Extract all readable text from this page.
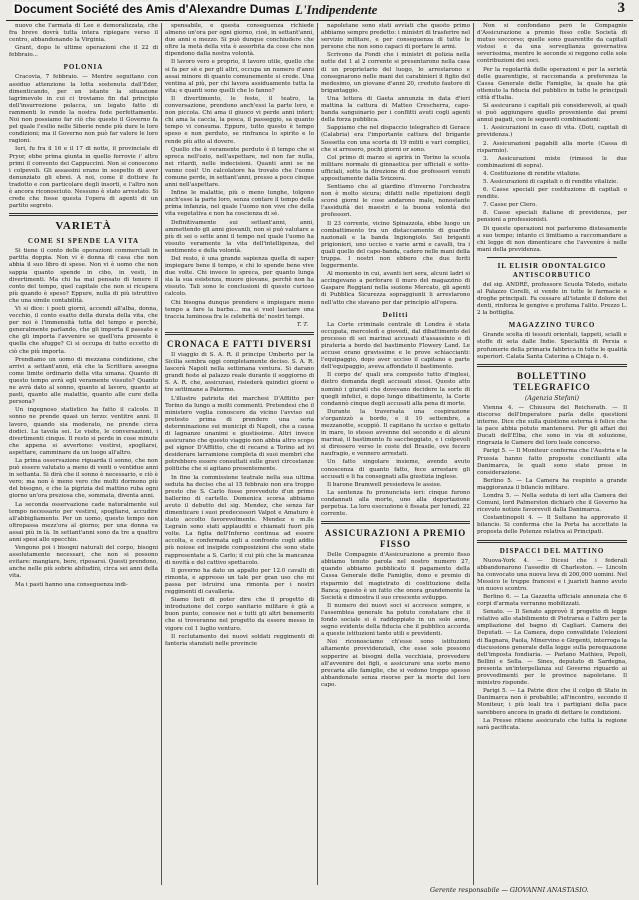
Document Société des Amis d'Alexandre Dumas L'Indipendente	3

nuovo che l'armata di Lee è demoralizzata, che fra breve dovrà tutta intera ripiegare verso il centro, abbandonando la Virginia.

Grant, dopo le ultime operazioni che il 22 di febbraio...

POLONIA

Cracovia, 7 febbraio. — Mentre seguitano con assiduo attenzione la lotta sostenuta dall'Eder, dimenticando, per un istante la situazione lagrimevole in cui ci troviamo fin dal principio dell'insurrezione polacca, un legato fatto di rammenti lo rende la nostra fede perfettamente. Noi non possiamo far ciò che questo il Governo fa pel quale l'esilio nelle Siberie rende più dure le loro condizioni; ma il Governo non può far valere le loro ragioni.

Ieri, fu fra il 16 e il 17 di notte, il provinciale di Pryor, ebbe prima giunta in quello ferrovie i' altro primi il convento dei Cappuccini. Non si conoscono i colpevoli. Gli assassini erano in sospetto di aver denunziato gli ebrei. A noi, come il dottore fu tradotto e con particolare degli insorti, e l'altro non è ancora riconosciuto. Nessuno è stato arrestato. Si crede che fosse questa l'opera di agenti di un partito segreto.

VARIETÀ
COME SI SPENDE LA VITA

Si tiene il conto delle operazioni commerciali in partita doppia. Non vi è donna di casa che non abbia il suo libro di spese. Non vi è uomo che non sappia quanto spende in cibo, in vesti, in divertimenti. Ma chi ha mai pensato di tenere il conto del tempo, quel capitale che non si ricupera più quando è speso? Eppure, nulla di più istruttivo che una simile contabilità.

Vi si dice: i poeti giorni, accendi all'alba, donna, vecchio, il conto esatto della durata della vita, che per noi è l'immensità tutta del tempo e perchè, generalmente parlando, che gli importa il passato e che gli importa l'avvenire se quell'ora presente è quella che sfugge? Ci si occupa di tutto eccetto di ciò che più importa.

Prendiamo un uomo di mezzana condizione, che arrivi a settant'anni, età che la Scrittura assegna come limite ordinario della vita umana. Quanto di questo tempo avrà egli veramente vissuto? Quanto ne avrà dato al sonno, quanto al lavoro, quanto ai pasti, quanto alle malattie, quanto alle cure della persona?

Un ingegnoso statistico ha fatto il calcolo. Il sonno ne prende quasi un terzo: ventitre anni. Il lavoro, quando sia moderato, ne prende circa dodici. La tavola sei. Le visite, le conversazioni, i divertimenti cinque. Il resto si perde in cose minute che appena si avvertono: vestirsi, spogliarsi, aspettare, camminare da un luogo all'altro.

La prima osservazione riguarda il sonno, che non può essere valutato a meno di venti o ventidue anni in settanta. Si dirà che il sonno è necessario, e ciò è vero; ma non è meno vero che molti dormono più del bisogno, e che la pigrizia del mattino ruba ogni giorno un'ora preziosa che, sommata, diventa anni.

La seconda osservazione cade naturalmente sul tempo necessario per vestirsi, spogliarsi, accudire all'abbigliamento. Per un uomo, questo tempo non oltrepassa mezz'ora al giorno; per una donna va assai più in là. In settant'anni sono da tre a quattro anni spesi allo specchio.

Vengono poi i bisogni naturali del corpo, bisogni assolutamente necessari, che non si possono evitare: mangiare, bere, riposarsi. Questi prendono, anche nelle più sobrie abitudini, circa sei anni della vita.

Ma i pasti hanno una conseguenza indi-

spensabile, e questa conseguenza richiede almeno un'ora per ogni giorno, cioè, in settant'anni, due anni e mezzo. Si può dunque conchiudere che oltre la metà della vita è assorbita da cose che non dipendono dalla nostra volontà.

Il lavoro vero e proprio, il lavoro utile, quello che si fa per sè e per gli altri, occupa un numero d'anni assai minore di quanto comunemente si crede. Una ventina al più, per chi lavora assiduamente tutta la vita; e quanti sono quelli che lo fanno?

Il divertimento, le feste, il teatro, la conversazione, prendono anch'essi la parte loro, e non piccola. Chi ama il giuoco vi perde anni interi; chi ama la caccia, la pesca, il passeggio, sa quanto tempo vi consuma. Eppure, tutto questo è tempo speso e non perduto, se rinfranca lo spirito e lo rende più atto al dovere.

Quello che è veramente perduto è il tempo che si spreca nell'ozio, nell'aspettare, nel non far nulla, nei ritardi, nelle indecisioni. Quanti anni se ne vanno così! Un calcolatore ha trovato che l'uomo comune perde, in settant'anni, presso a poco cinque anni nell'aspettare.

Infine le malattie, più o meno lunghe, tolgono anch'esse la parte loro, senza contare il tempo della prima infanzia, nel quale l'uomo non vive che della vita vegetativa e non ha coscienza di sè.

Definitivamente sui settant'anni, anni, ammettendo gli anni giovanili, non si può valutare a più di sei o sette anni il tempo nel quale l'uomo ha vissuto veramente la vita dell'intelligenza, del sentimento e della volontà.

Del resto, è una grande sapienza quella di saper impiegare bene il tempo, e chi lo spende bene vive due volte. Chi invece lo spreca, per quanto lunga sia la sua esistenza, muore giovane, perchè non ha vissuto. Tali sono le conclusioni di questo curioso calcolo.

Chi bisogna dunque prendere e impiegare meno tempo a fare la barba... ma si vuol lasciare una traccia luminosa fra le celebrità de' nostri tempi.

T. T.
CRONACA E FATTI DIVERSI

Il viaggio di S. A. R. il principe Umberto per la Sicilia sembra oggi completamente deciso. S. A. R. lascerà Napoli nella settimana ventura. Si darano grandi feste al palazzo reale durante il soggiorno di S. A. R. che, assicurasi, risiederà quindici giorni o tre settimane a Palermo.

L'illustre patriota dei marchesi D'Afflitto per Torino da lungo a molti commenti. Pretendesi che il ministero voglia conoscere da vicino l'avviso sul pretesto prima di prendere una seria determinazione sui municipi di Napoli, che a causa di lagnanze unanimi e giustissime. Altri invece assicurano che questo viaggio non abbia altro scopo pel signor D'Afflitto, che di recarsi a Torino ad ivi desiderare larramione completa di suoi membri che potrebbero essere consultati sulle gravi circostanze politiche che si agitano presentemente.

In fine la commissione teatrale nella sua ultima seduta ha deciso che al 15 febbraio non era troppo presto che S. Carlo fosse provveduto d'un primo ballerino di cartello. Domenica scorsa abbiamo avuto il debutto del sig. Mendez, che senza far dimenticare i suoi predecessori Valpot e Amaturo è stato accolto favorevolmente. Mendez e m.lle Legrain sono stati applauditi e chiamati fuori più volte. La figlia dell'Inferno continua ad essere accolta, e confermata egli a confronto cogli addio più noiose ed insipide composizioni che sono state rappresentate a S. Carlo; il cui più che la mancanza di novità e del cattivo spettacolo.

Il governo ha dato un appalto per 12.0 cavalli di rimonta, e appresso un tale per gran uso che mi passa per istruirsi una rimonta per i nostri reggimenti di cavalleria.

Siamo lieti di poter dire che il progetto di introduzione del corpo sanitario militare è già a buon punto, conosce noi e tutti gli altri benemeriti che si troveranno nel progetto da essere messo in vigore col 1 luglio venturo.

Il reclutamento dei nuovi soldati reggimenti di fanteria stanziati nelle provincie

napoletane sono stati avviati che questo primo abbiamo sempre predetto: i ministri di trasferire nel servizio militare, e per conseguenza di tutte le persone che non sono capaci di portare le armi.

Scrivono da Fondi che i ministri di polizia nella notte del 1 al 2 corrente si presentarono nella casa di un proprietario del luogo, lo arrestarono e consegnarono nelle mani dei carabinieri il figlio del medesimo, un giovane d'anni 20, creduto fautore di brigantaggio.

Una lettera di Gaeta annunzia in data d'ieri mattina la cattura di Matteo Crescherra, capo-banda sanguinario per i conflitti avuti cogli agenti della forza pubblica.

Sappiamo che nel dispaccio telegrafico di Gerace (Calabria) era l'importante cattura del brigante Sossetta con una scorta di 19 militi e vari complici, che si arresero, pochi giorni or sono.

Col primo di marzo si aprirà in Torino la scuola militare normale di ginnastica per ufficiali e sotto-ufficiali, sotto la direzione di due professori venuti appositamente dalla Svizzera.

Sentiamo che al giardino d'inverno l'orchestra non è molto sicura; difatti nelle ripetizioni degli scorsi giorni le cose andarono male, nonostante l'assiduità dei maestri e la buona volontà dei professori.

Il 23 corrente, vicino Spinazzola, ebbe luogo un combattimento tra un distaccamento di guardie nazionali e la banda Ingiongiolo. Sei briganti prigionieri, uno ucciso e varie armi e cavalli, tra i quali quello del capo-banda, cadero nelle mani della truppa. I nostri non ebbero che due feriti leggermente.

Al momento in cui, avanti ieri sera, alcuni ladri si accingevano a perforare il muro del magazzino di Gaspare Reggiani nella sezione Mercato, gli agenti di Pubblica Sicurezza sopraggiunti li arrestarono nell'atto che stavano per dar principio all'opera.

Delitti

La Corte criminale centrale di Londra è stata occupata, mercoledì e giovedì, dal dibattimento del processo di sei marinai accusati d'assassinio e di pirateria a bordo del bastimento Flowery Land. Le accuse erano gravissime e le prove schiaccianti: l'equipaggio, dopo aver ucciso il capitano e parte dell'equipaggio, aveva affondato il bastimento.

Il corpo de' quali era composto tutto d'inglesi, dietro domanda degli accusati stessi. Questo atto nominò i giurati che dovevano decidere la sorte di quegli infelici, e dopo lungo dibattimento, la Corte condannò cinque degli accusati alla pena di morte.

Durante la traversata una cospirazione s'organizzò a bordo, e il 10 settembre, a mezzanotte, scoppiò. Il capitano fu ucciso e gettato in mare, lo stesso avvenne del secondo e di alcuni marinai, il bastimento fu saccheggiato, e i colpevoli si diressero verso le coste del Brasile, ove fecero naufragio, e vennero arrestati.

Un fatto singolare insieme, avendo avuto conoscenza di quanto fatto, fece arrestare gli accusati e li ha consegnati alla giustizia inglese.

Il barone Bramwell presiedeva le assise.

La sentenza fu pronunciata ieri: cinque furono condannati alla morte, uno alla deportazione perpetua. La loro esecuzione è fissata per lunedì, 22 corrente.

ASSICURAZIONI A PREMIO FISSO

Delle Compagnie d'Assicurazione a premio fisso abbiamo tenuto parola nel nostro numero 27, quando abbiamo pubblicato il pagamento della Cassa Generale delle Famiglie, dono e premio di risparmio del magistrato di costituzione della Banca; questo è un fatto che onora grandemente la Società e dimostra il suo crescente sviluppo.

Il numero dei nuovi soci si accresce sempre, e l'assemblea generale ha potuto constatare che il fondo sociale si è raddoppiato in un solo anno, segno evidente della fiducia che il pubblico accorda a queste istituzioni tanto utili e previdenti.

Noi riconosciamo ch'esse sono istituzioni altamente provvidenziali, che esse sole possono sopperire ai bisogni della vecchiaia, provvedere all'avvenire dei figli, e assicurare una sorte meno precaria alle famiglie, che si vedono troppo spesso abbandonate senza risorse per la morte del loro capo.

Non si confondano però le Compagnie d'Assicurazione a premio fisso colle Società di mutuo soccorso; quelle sono guarentite da capitali vistosi e da una sorveglianza governativa severissima, mentre le seconde si reggono colle sole contribuzioni dei soci.

Per la regolarità delle operazioni e per la serietà delle guarentigie, si raccomanda a preferenza la Cassa Generale delle Famiglie, la quale ha già ottenuto la fiducia del pubblico in tutte le principali città d'Italia.

Si assicurano i capitali più considerevoli, ai quali si può aggiungere quello proveniente dai premi annui pagati, con le seguenti combinazioni:

1. Assicurazioni in caso di vita. (Doti, capitali di previdenza.)

2. Assicurazioni pagabili alla morte (Cassa di risparmio).

3. Assicurazioni miste (rimessi le due combinazioni di sopra).

4. Costituzione di rendite vitalizie.

5. Assicurazioni di capitali o di rendite vitalizie.

6. Casse speciali per costituzione di capitali o rendite.

7. Casse per Clero.

8. Casse speciali italiane di previdenza, per pensioni a professionisti.

Di queste operazioni noi parleremo distesamente a suo tempo; intanto ci limitiamo a raccomandare a chi legge di non dimenticare che l'avvenire è nelle mani della previdenza.

IL ELISIR ODONTALGICO ANTISCORBUTICO

del sig. ANDRÉ, professore Scuola Toledo, esitato al Palazzo Corelli, si vende in tutte le farmacie e droghe principali. Fa cessare all'istante il dolore dei denti, rinforza le gengive e profuma l'alito. Prezzo L. 2 la bottiglia.

MAGAZZINO TURCO

Grande scelta di tessuti orientali, tappeti, scialli e stoffe di seta dalle Indie. Specialità di Persia e profumerie della primaria fabbrica in tutte le qualità superiori. Calata Santa Caterina a Chiaja n. 4.

BOLLETTINO TELEGRAFICO
(Agenzia Stefani)

Vienna 4. — Chiusura del Reichsrath. — Il discorso dell'Imperatore parla delle questioni interne. Dice che sulla quistione esterna è felice che la pace abbia potuto mantenersi. Per gli affari dei Ducati dell'Elba, che sono in via di soluzione, ringrazia le Camere del loro leale concorso.

Parigi 5. — Il Moniteur conferma che l'Austria e la Prussia hanno fatto proposte concilianti alla Danimarca, le quali sono state prese in considerazione.

Berlino 5. — La Camera ha respinto a grande maggioranza il bilancio militare.

Londra 5. — Nella seduta di ieri alla Camera dei Comuni, lord Palmerston dichiarò che il Governo ha ricevuto notizie favorevoli dalla Danimarca.

Costantinopoli 4. — Il Sultano ha approvato il bilancio. Si conferma che la Porta ha accettato la proposta delle Potenze relativa ai Principati.

DISPACCI DEL MATTINO

Nuova-York 4. — Dicesi che i federali abbandonarono l'assedio di Charleston. — Lincoln ha convocato una nuova leva di 200,000 uomini. Nel Messico le truppe francesi e i juaristi hanno avuto un nuovo scontro.

Berlino 6. — La Gazzetta ufficiale annunzia che 6 corpi d'armata verranno mobilizzati.

Senato. — Il Senato approvò il progetto di legge relativo allo stabilimento di Pietrarsa e l'altro per la ampliazione del bagno di Cagliari. Camera dei Deputati. — La Camera, dopo convalidate l'elezioni di Bagnara, Paola, Minervino e Girgenti, interroga la discussione generale della legge sulla perequazione dell'imposta fondiaria. — Parlano Mathieu, Pepoli, Bellini e Sella. — Sines, deputato di Sardegna, presenta un'interpellanza sul Governo riguardo ai provvedimenti per le province napoletane. Il ministro risponde.

Parigi 5. — La Patrie dice che il colpo di Stato in Danimarca non è probabile; all'incontro, secondo il Moniteur, i più leali tra i partigiani della pace sarebbero ancora in grado di dettare le condizioni.

La Presse ritiene assicurato che tutta la regione sarà pacificata.

Gerente responsabile — GIOVANNI ANASTASIO.
